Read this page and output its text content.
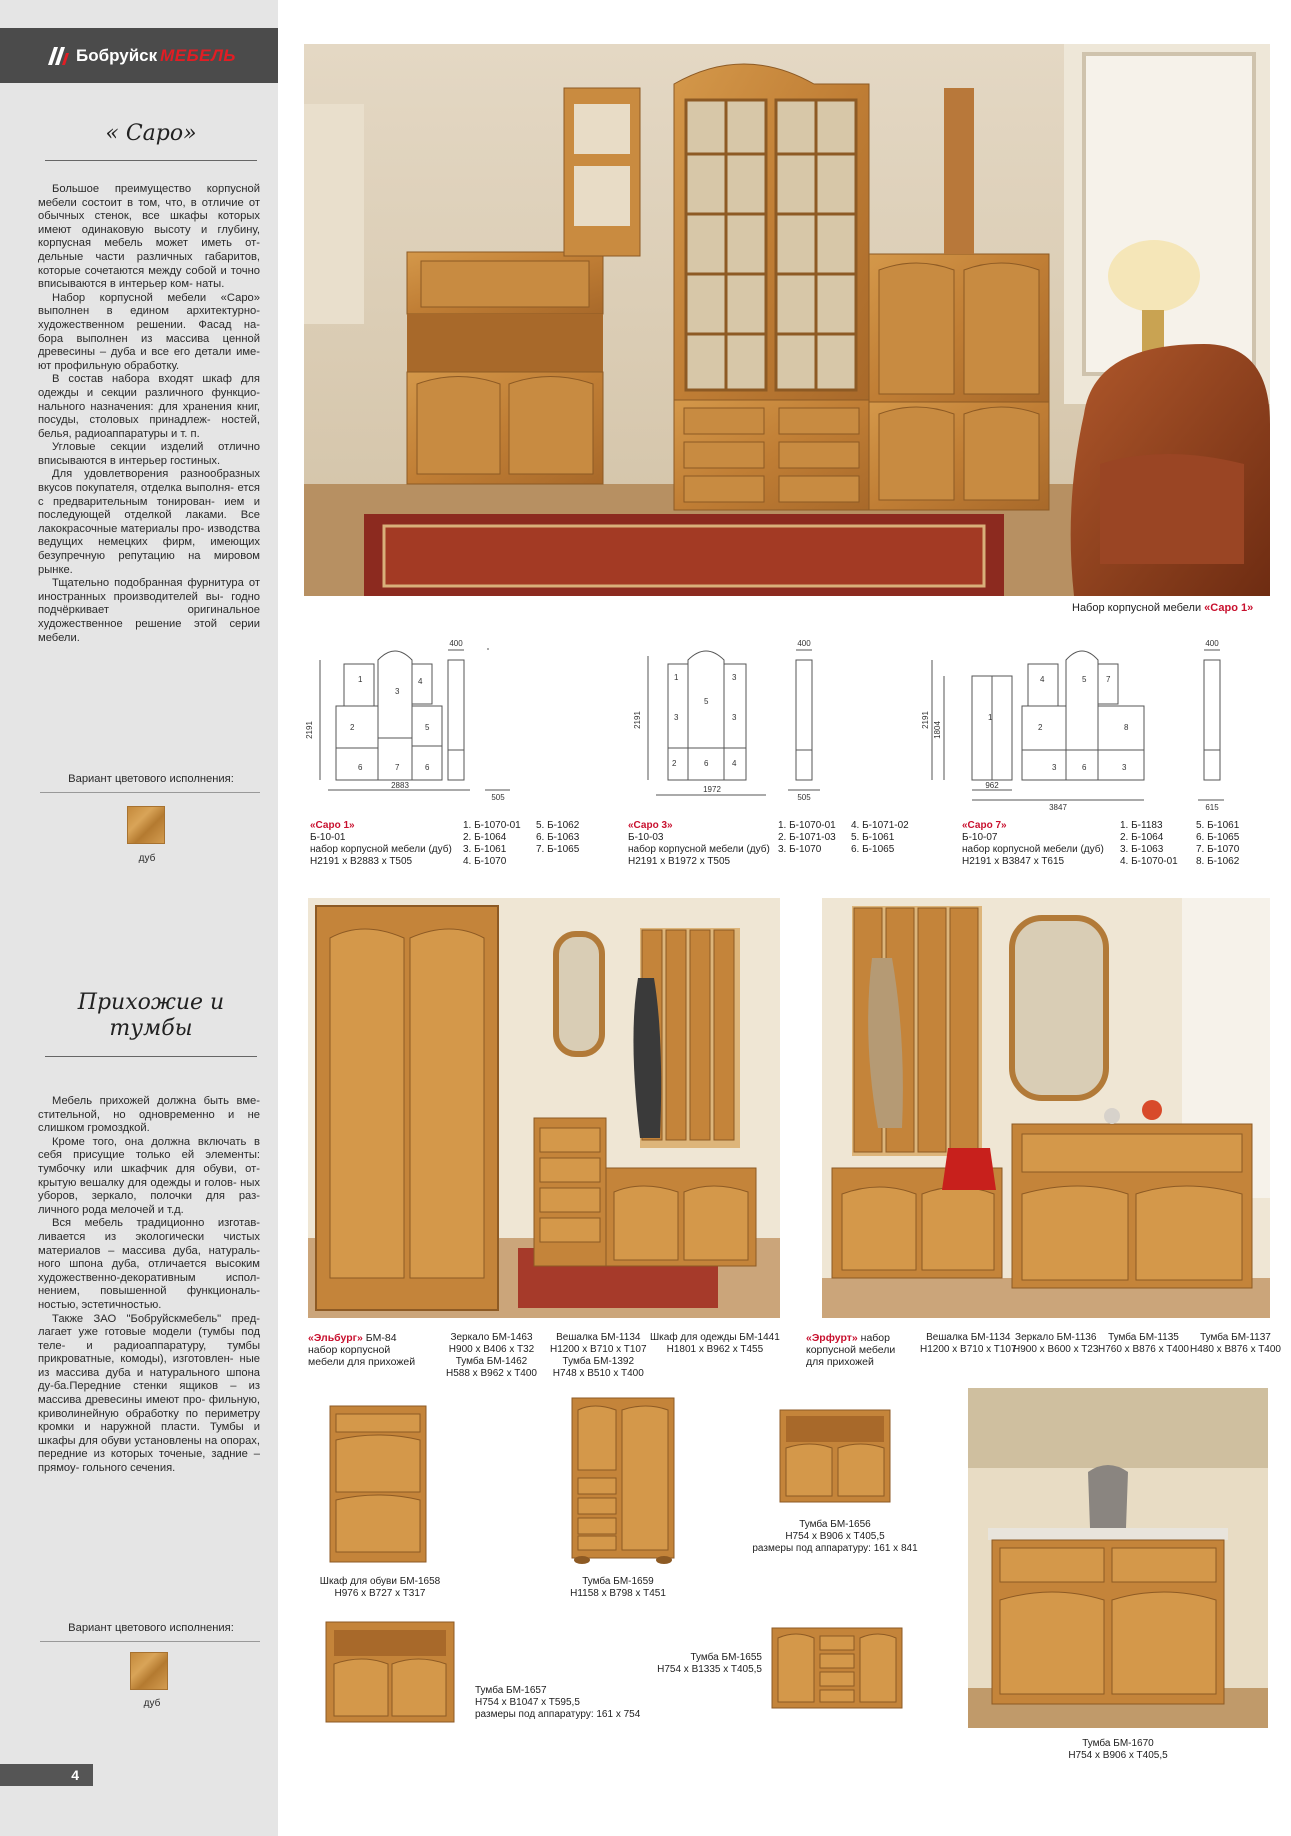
Бобруйск МЕБЕЛЬ
« Саро»

Большое преимущество корпусной мебели состоит в том, что, в отличие от обычных стенок, все шкафы которых имеют одинаковую высоту и глубину, корпусная мебель может иметь от- дельные части различных габаритов, которые сочетаются между собой и точно вписываются в интерьер ком- наты.

Набор корпусной мебели «Саро» выполнен в едином архитектурно- художественном решении. Фасад на- бора выполнен из массива ценной древесины – дуба и все его детали име- ют профильную обработку.

В состав набора входят шкаф для одежды и секции различного функцио- нального назначения: для хранения книг, посуды, столовых принадлеж- ностей, белья, радиоаппаратуры и т. п.

Угловые секции изделий отлично вписываются в интерьер гостиных.

Для удовлетворения разнообразных вкусов покупателя, отделка выполня- ется с предварительным тонирован- ием и последующей отделкой лаками. Все лакокрасочные материалы про- изводства ведущих немецких фирм, имеющих безупречную репутацию на мировом рынке.

Тщательно подобранная фурнитура от иностранных производителей вы- годно подчёркивает оригинальное художественное решение этой серии мебели.

Вариант цветового исполнения:
дуб
Прихожие и
тумбы

Мебель прихожей должна быть вме- стительной, но одновременно и не слишком громоздкой.

Кроме того, она должна включать в себя присущие только ей элементы: тумбочку или шкафчик для обуви, от- крытую вешалку для одежды и голов- ных уборов, зеркало, полочки для раз- личного рода мелочей и т.д.

Вся мебель традиционно изготав- ливается из экологически чистых материалов – массива дуба, натураль- ного шпона дуба, отличается высоким художественно-декоративным испол- нением, повышенной функциональ- ностью, эстетичностью.

Также ЗАО "Бобруйскмебель" пред- лагает уже готовые модели (тумбы под теле- и радиоаппаратуру, тумбы прикроватные, комоды), изготовлен- ные из массива дуба и натурального шпона ду-ба.Передние стенки ящиков – из массива древесины имеют про- фильную, криволинейную обработку по периметру кромки и наружной пласти. Тумбы и шкафы для обуви установлены на опорах, передние из которых точеные, задние – прямоу- гольного сечения.

Вариант цветового исполнения:
дуб
4
Набор корпусной мебели «Саро 1»
2191
2883
400
505
1
2
3
4
5
6	7	6
«Саро 1»
Б-10-01
набор корпусной мебели (дуб)
H2191 x B2883 x T505
1. Б-1070-01
2. Б-1064
3. Б-1061
4. Б-1070
5. Б-1062
6. Б-1063
7. Б-1065
2191
1972
400
505
1	3
5
3	3
2	6	4
«Саро 3»
Б-10-03
набор корпусной мебели (дуб)
H2191 x B1972 x T505
1. Б-1070-01
2. Б-1071-03
3. Б-1070
4. Б-1071-02
5. Б-1061
6. Б-1065
2191
1804
962
3847
400
615
1
4	5 7
2	8
3	6	3
«Саро 7»
Б-10-07
набор корпусной мебели (дуб)
H2191 x B3847 x T615
1. Б-1183
2. Б-1064
3. Б-1063
4. Б-1070-01
5. Б-1061
6. Б-1065
7. Б-1070
8. Б-1062
«Эльбург» БМ-84
набор корпусной
мебели для прихожей
Зеркало БМ-1463
H900 x B406 x T32
Тумба БМ-1462
H588 x B962 x T400
Вешалка БМ-1134
H1200 x B710 x T107
Тумба БМ-1392
H748 x B510 x T400
Шкаф для одежды БМ-1441
H1801 x B962 x T455
«Эрфурт» набор
корпусной мебели
для прихожей
Вешалка БМ-1134
H1200 x B710 x T107
Зеркало БМ-1136
H900 x B600 x T23
Тумба БМ-1135
H760 x B876 x T400
Тумба БМ-1137
H480 x B876 x T400
Шкаф для обуви БМ-1658
H976 x B727 x T317
Тумба БМ-1659
H1158 x B798 x T451
Тумба БМ-1656
H754 x B906 x T405,5
размеры под аппаратуру: 161 x 841
Тумба БМ-1670
H754 x B906 x T405,5
Тумба БМ-1657
H754 x B1047 x T595,5
размеры под аппаратуру: 161 x 754
Тумба БМ-1655
H754 x B1335 x T405,5
